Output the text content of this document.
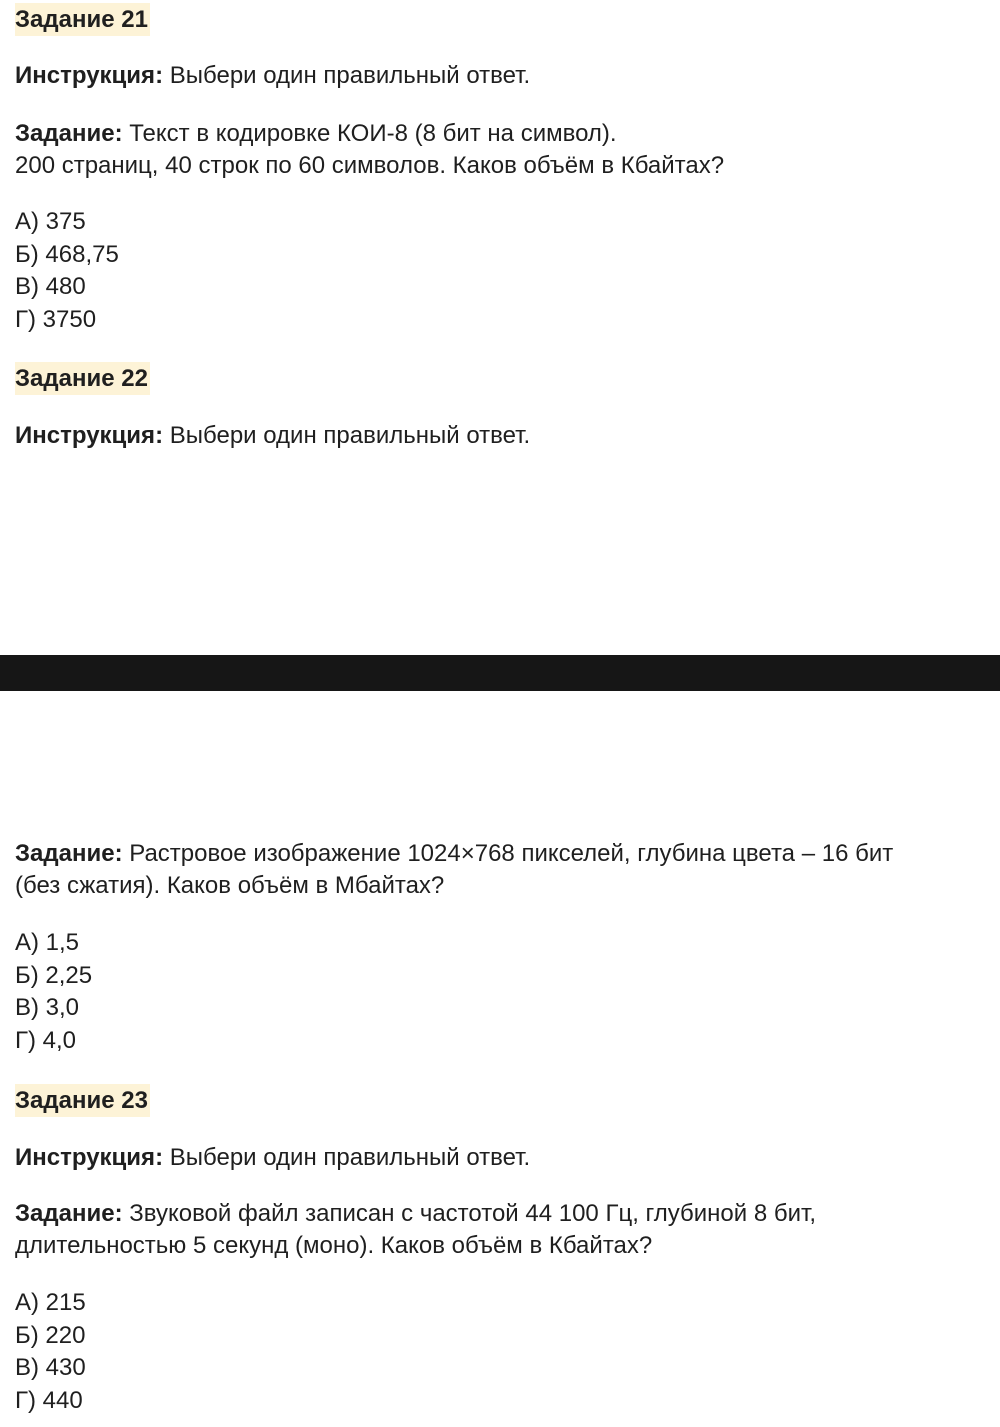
Задание 21
Инструкция: Выбери один правильный ответ.
Задание: Текст в кодировке КОИ-8 (8 бит на символ).
200 страниц, 40 строк по 60 символов. Каков объём в Кбайтах?
А) 375
Б) 468,75
В) 480
Г) 3750
Задание 22
Инструкция: Выбери один правильный ответ.
Задание: Растровое изображение 1024×768 пикселей, глубина цвета – 16 бит
(без сжатия). Каков объём в Мбайтах?
А) 1,5
Б) 2,25
В) 3,0
Г) 4,0
Задание 23
Инструкция: Выбери один правильный ответ.
Задание: Звуковой файл записан с частотой 44 100 Гц, глубиной 8 бит,
длительностью 5 секунд (моно). Каков объём в Кбайтах?
А) 215
Б) 220
В) 430
Г) 440
